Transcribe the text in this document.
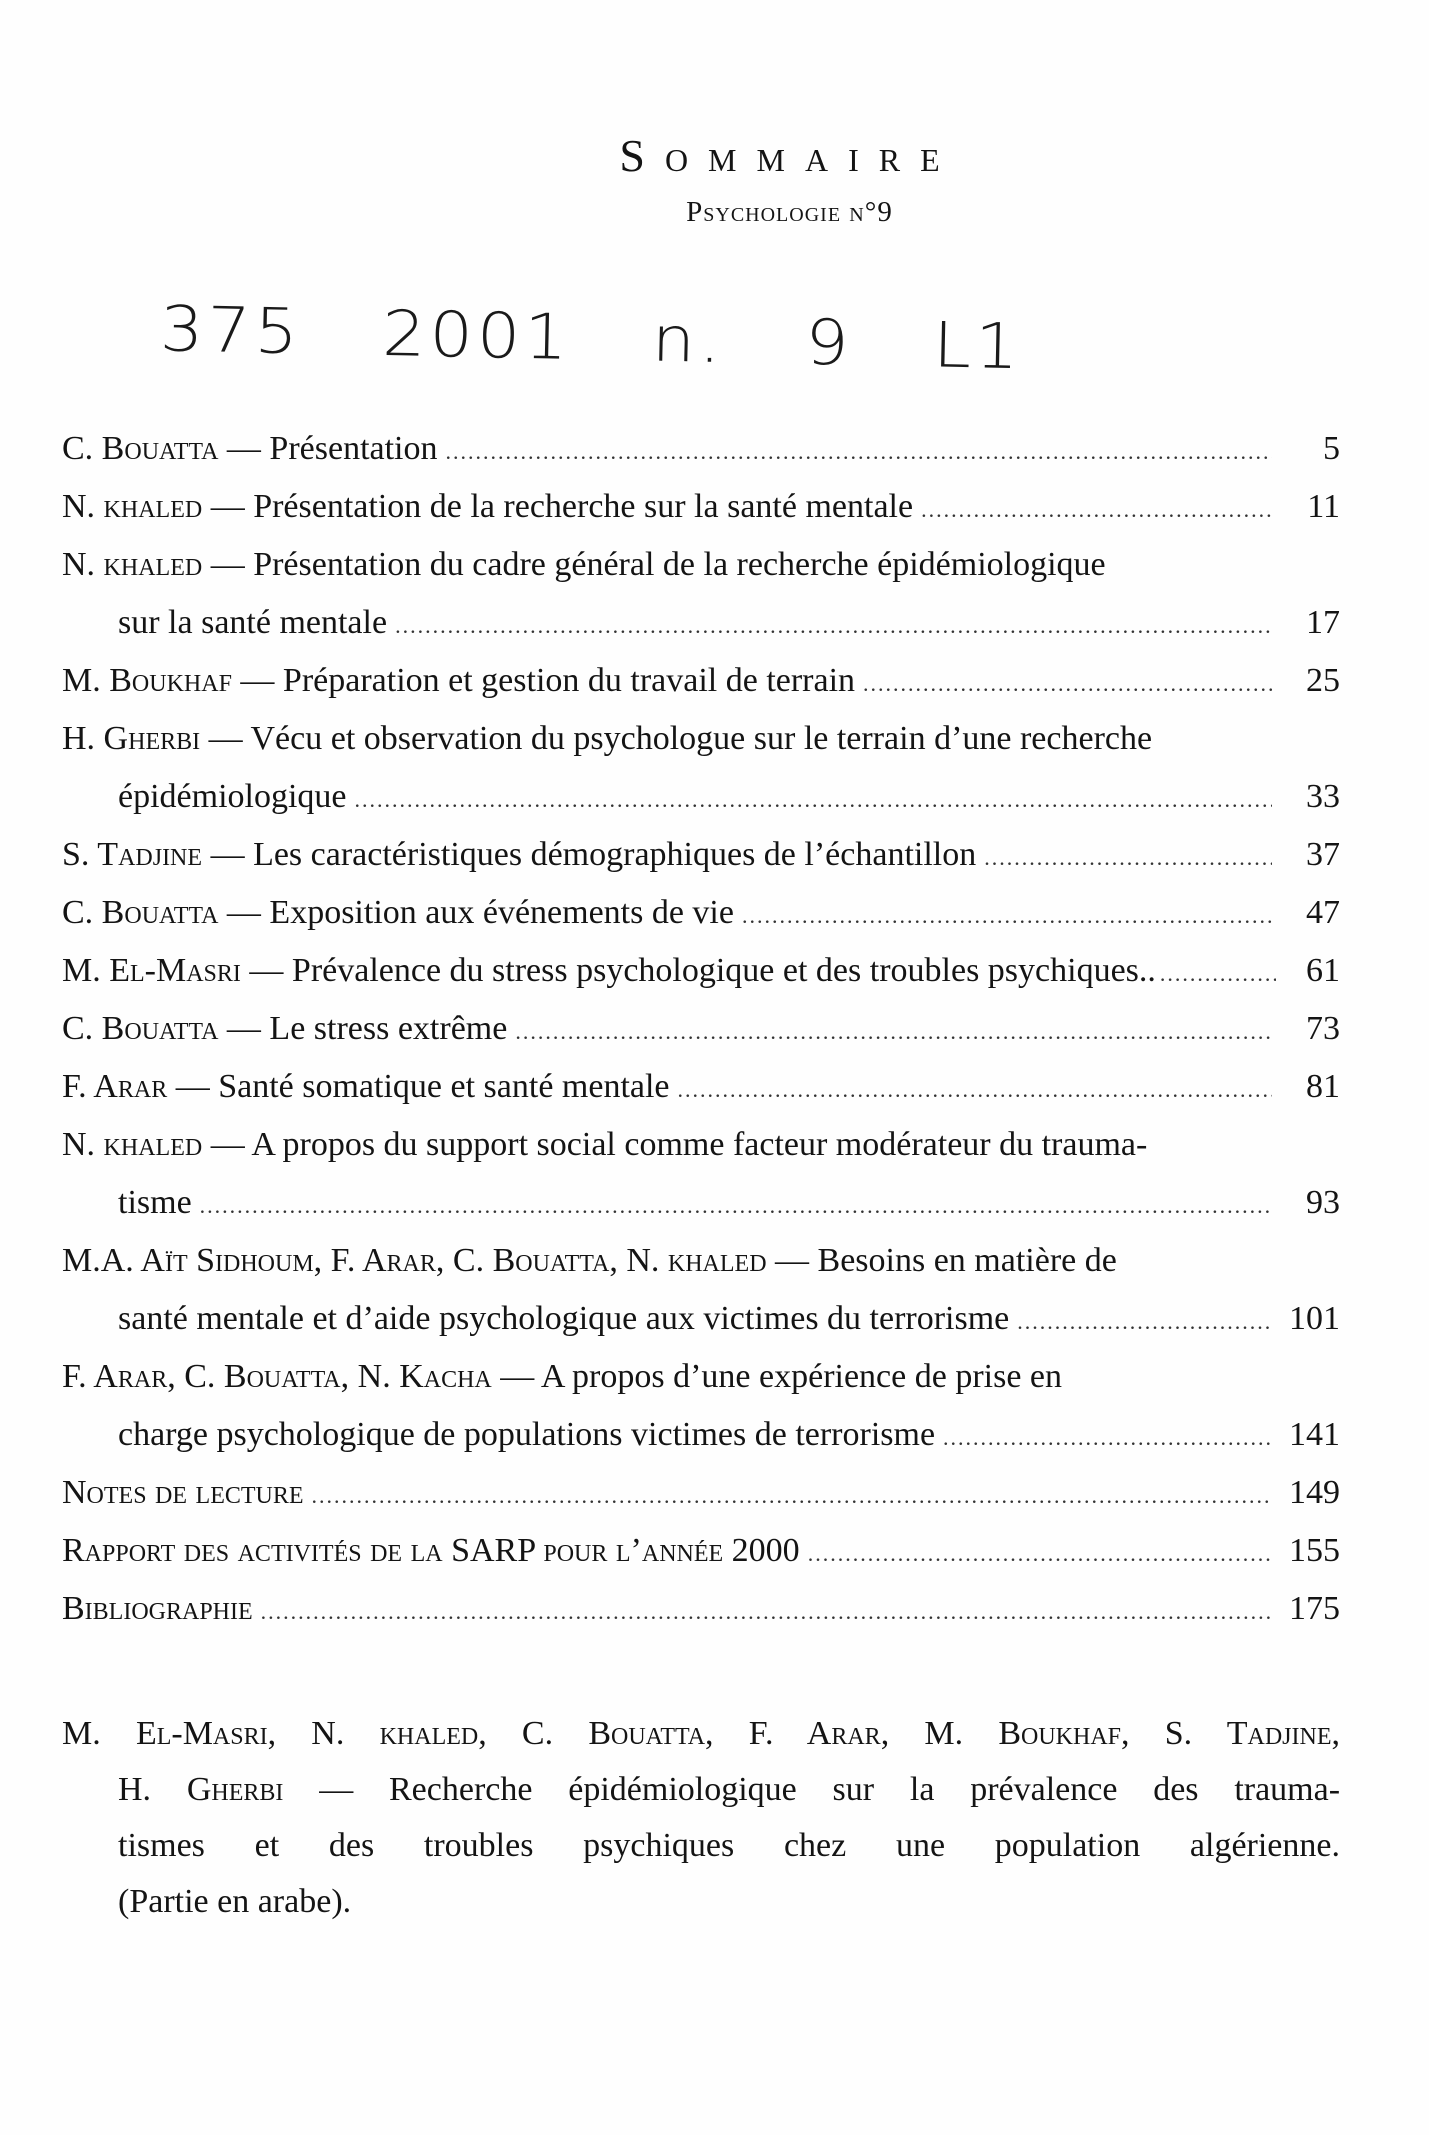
Sommaire
Psychologie n°9
375 2001 n. 9 L1
C. Bouatta — Présentation .....	5
N. khaled — Présentation de la recherche sur la santé mentale .....	11
N. khaled — Présentation du cadre général de la recherche épidémiologique
sur la santé mentale .....	17
M. Boukhaf — Préparation et gestion du travail de terrain .....	25
H. Gherbi — Vécu et observation du psychologue sur le terrain d’une recherche
épidémiologique .....	33
S. Tadjine — Les caractéristiques démographiques de l’échantillon .....	37
C. Bouatta — Exposition aux événements de vie .....	47
M. El-Masri — Prévalence du stress psychologique et des troubles psychiques.. .....	61
C. Bouatta — Le stress extrême .....	73
F. Arar — Santé somatique et santé mentale .....	81
N. khaled — A propos du support social comme facteur modérateur du trauma-
tisme .....	93
M.A. Aït Sidhoum, F. Arar, C. Bouatta, N. khaled — Besoins en matière de
santé mentale et d’aide psychologique aux victimes du terrorisme .....	101
F. Arar, C. Bouatta, N. Kacha — A propos d’une expérience de prise en
charge psychologique de populations victimes de terrorisme .....	141
Notes de lecture .....	149
Rapport des activités de la SARP pour l’année 2000 .....	155
Bibliographie .....	175
M. El-Masri, N. khaled, C. Bouatta, F. Arar, M. Boukhaf, S. Tadjine,
H. Gherbi — Recherche épidémiologique sur la prévalence des trauma-
tismes et des troubles psychiques chez une population algérienne.
(Partie en arabe).
